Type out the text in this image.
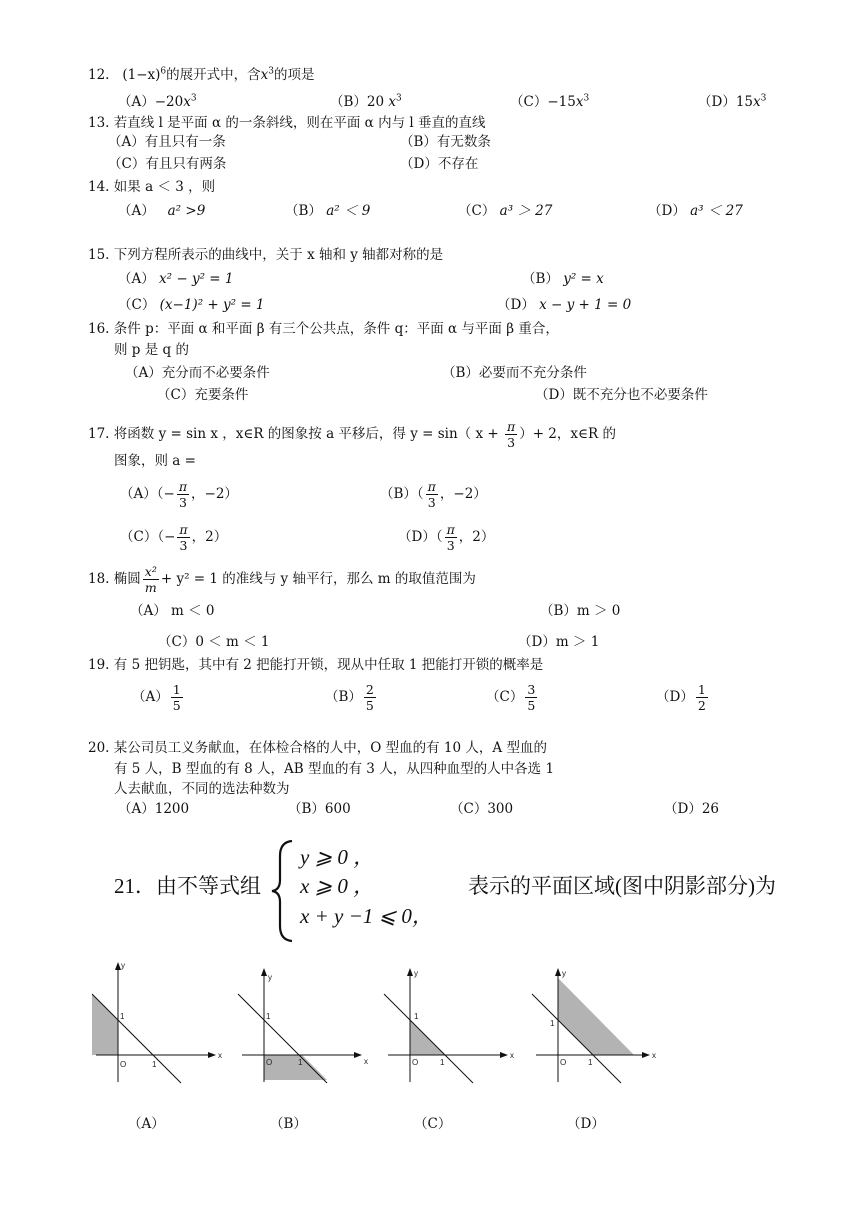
12. $(1-x)^6$的展开式中，含$x^3$的项是
$(A)-20x^3$	（B）20 $x^3$	$(C)-15x^3$	$(D)15x^3$
13. 若直线 l 是平面 α 的一条斜线，则在平面 α 内与 l 垂直的直线
（A）有且只有一条	（B）有无数条
（C）有且只有两条	（D）不存在
14. 如果 a ＜ 3 ，则
（A） a² >9	（B） a² ＜ 9	（C） a³ ＞ 27	（D） a³ ＜ 27
15. 下列方程所表示的曲线中，关于 x 轴和 y 轴都对称的是
（A） x² − y² = 1	（B） y² = x
（C） (x−1)² + y² = 1	（D） x − y + 1 = 0
16. 条件 p：平面 α 和平面 β 有三个公共点，条件 q：平面 α 与平面 β 重合，
则 p 是 q 的
（A）充分而不必要条件	（B）必要而不充分条件
（C）充要条件	（D）既不充分也不必要条件
17. 将函数 y = sin x ，x∈R 的图象按 a 平移后，得 y = sin（ $x + \frac{\pi}{3}$ ）+ 2，x∈R 的
图象，则 a =
$(A)(- \frac{\pi}{3}$ ，−2）	$(B)( \frac{\pi}{3}$ ，−2）
$(C)(- \frac{\pi}{3}$ ，2）	$(D)( \frac{\pi}{3}$ ，2）
18. 椭圆 $\frac{\text{x²}}{m} + y^2 = 1$ 的准线与 y 轴平行，那么 m 的取值范围为
（A） m ＜ 0	（B）m ＞ 0
（C）0 ＜ m ＜ 1	（D）m ＞ 1
19. 有 5 把钥匙，其中有 2 把能打开锁，现从中任取 1 把能打开锁的概率是
$(A) \frac{1}{5}$	$(B) \frac{2}{5}$	$(C) \frac{3}{5}$	$(D) \frac{1}{2}$
20. 某公司员工义务献血，在体检合格的人中，O 型血的有 10 人，A 型血的
有 5 人，B 型血的有 8 人，AB 型血的有 3 人，从四种血型的人中各选 1
人去献血，不同的选法种数为
（A）1200	（B）600	（C）300	（D）26
21．由不等式组
y ⩾ 0 ，
x ⩾ 0 ，
x + y −1 ⩽ 0，
表示的平面区域(图中阴影部分)为
y
x
O
1
1
y
x
O
1
1
y
x
O
1
1
y
x
O
1
1
（A）	（B）	（C）	（D）
